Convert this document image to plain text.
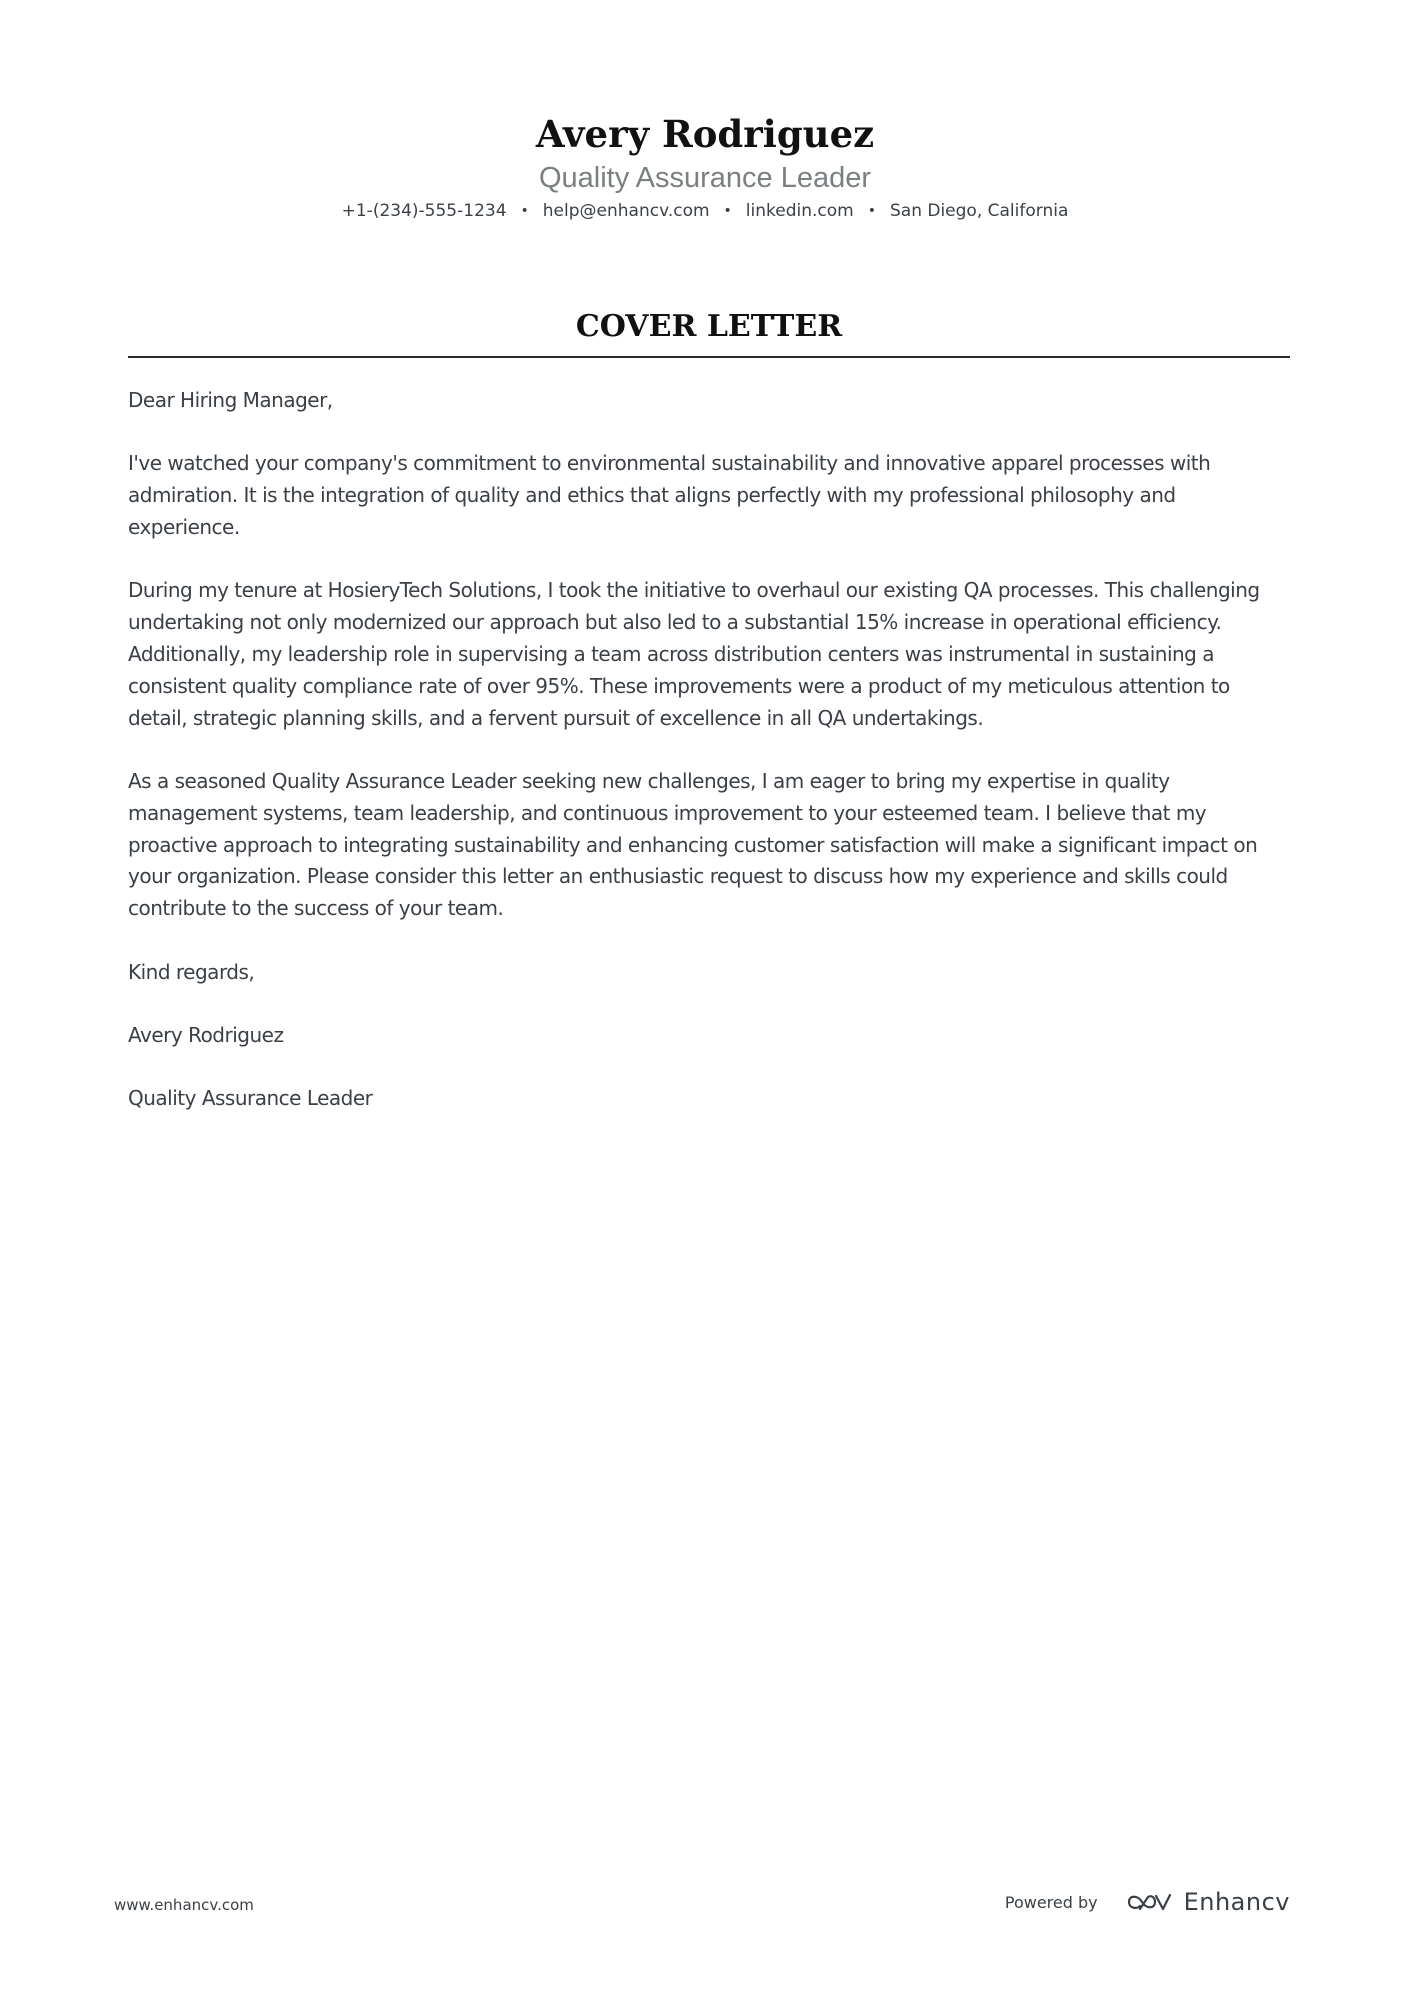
Avery Rodriguez
Quality Assurance Leader
+1-(234)-555-1234 • help@enhancv.com • linkedin.com • San Diego, California
COVER LETTER

Dear Hiring Manager,

I've watched your company's commitment to environmental sustainability and innovative apparel processes with admiration. It is the integration of quality and ethics that aligns perfectly with my professional philosophy and experience.

During my tenure at HosieryTech Solutions, I took the initiative to overhaul our existing QA processes. This challenging undertaking not only modernized our approach but also led to a substantial 15% increase in operational efficiency. Additionally, my leadership role in supervising a team across distribution centers was instrumental in sustaining a consistent quality compliance rate of over 95%. These improvements were a product of my meticulous attention to detail, strategic planning skills, and a fervent pursuit of excellence in all QA undertakings.

As a seasoned Quality Assurance Leader seeking new challenges, I am eager to bring my expertise in quality management systems, team leadership, and continuous improvement to your esteemed team. I believe that my proactive approach to integrating sustainability and enhancing customer satisfaction will make a significant impact on your organization. Please consider this letter an enthusiastic request to discuss how my experience and skills could contribute to the success of your team.

Kind regards,

Avery Rodriguez

Quality Assurance Leader

www.enhancv.com	Powered by	Enhancv
